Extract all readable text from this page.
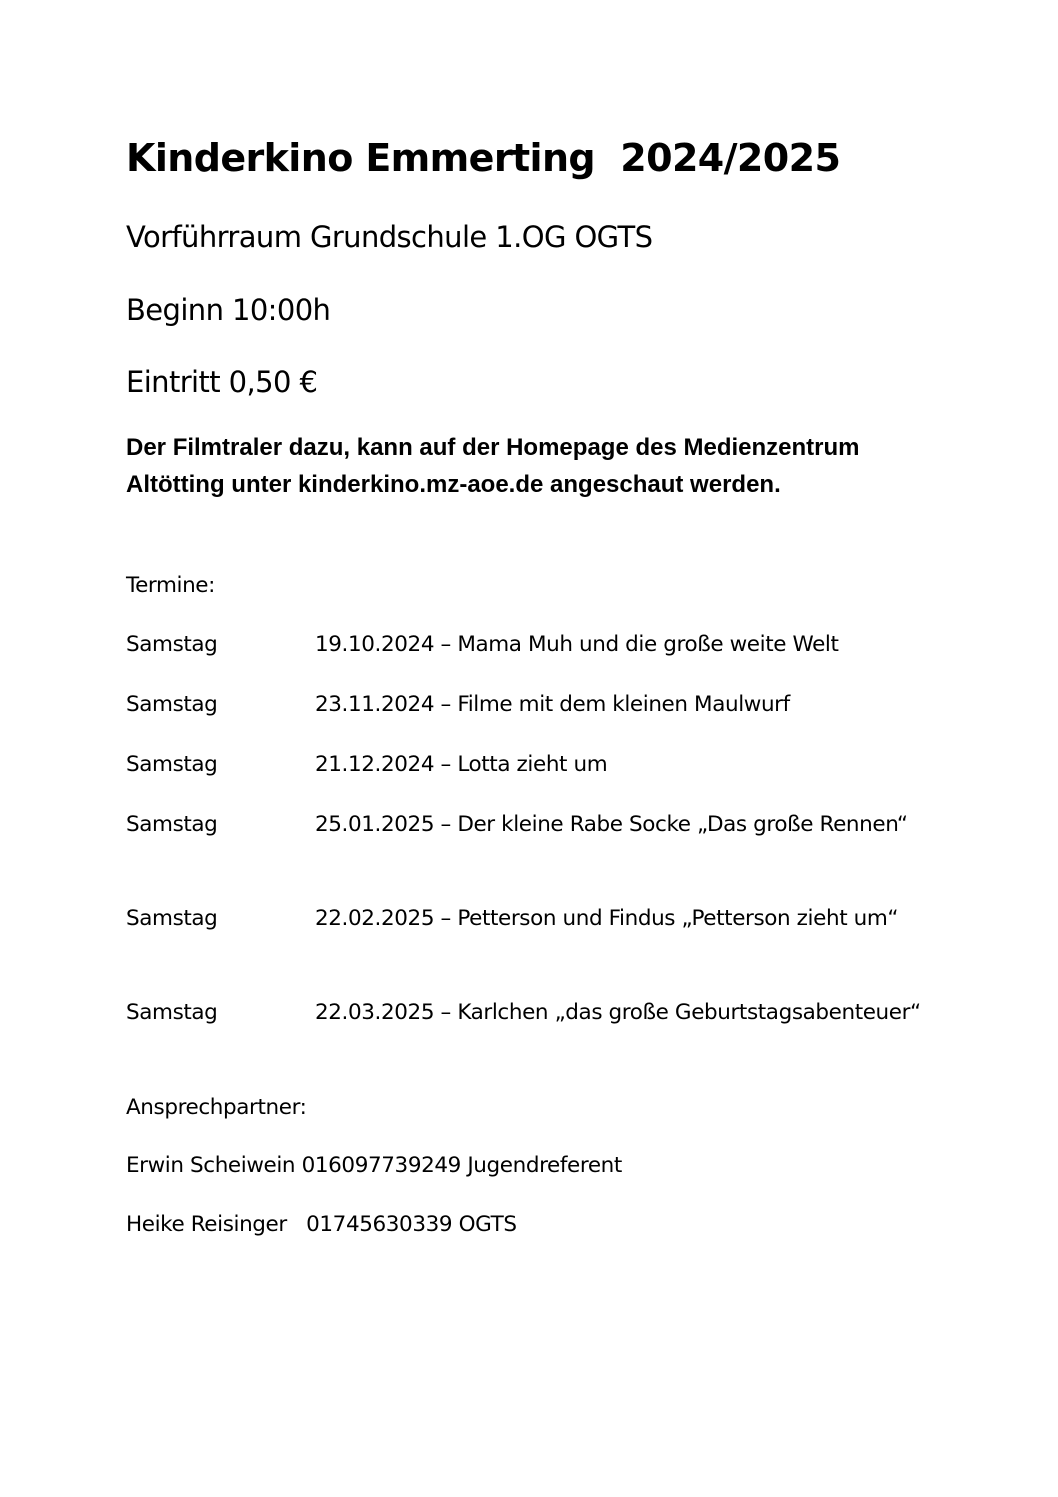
Kinderkino Emmerting  2024/2025

Vorführraum Grundschule 1.OG OGTS

Beginn 10:00h

Eintritt 0,50 €

Der Filmtraler dazu, kann auf der Homepage des Medienzentrum Altötting unter kinderkino.mz-aoe.de angeschaut werden.

Termine:

Samstag	19.10.2024 – Mama Muh und die große weite Welt
Samstag	23.11.2024 – Filme mit dem kleinen Maulwurf
Samstag	21.12.2024 – Lotta zieht um
Samstag	25.01.2025 – Der kleine Rabe Socke „Das große Rennen“
Samstag	22.02.2025 – Petterson und Findus „Petterson zieht um“
Samstag	22.03.2025 – Karlchen „das große Geburtstagsabenteuer“

Ansprechpartner:

Erwin Scheiwein 016097739249 Jugendreferent

Heike Reisinger   01745630339 OGTS
